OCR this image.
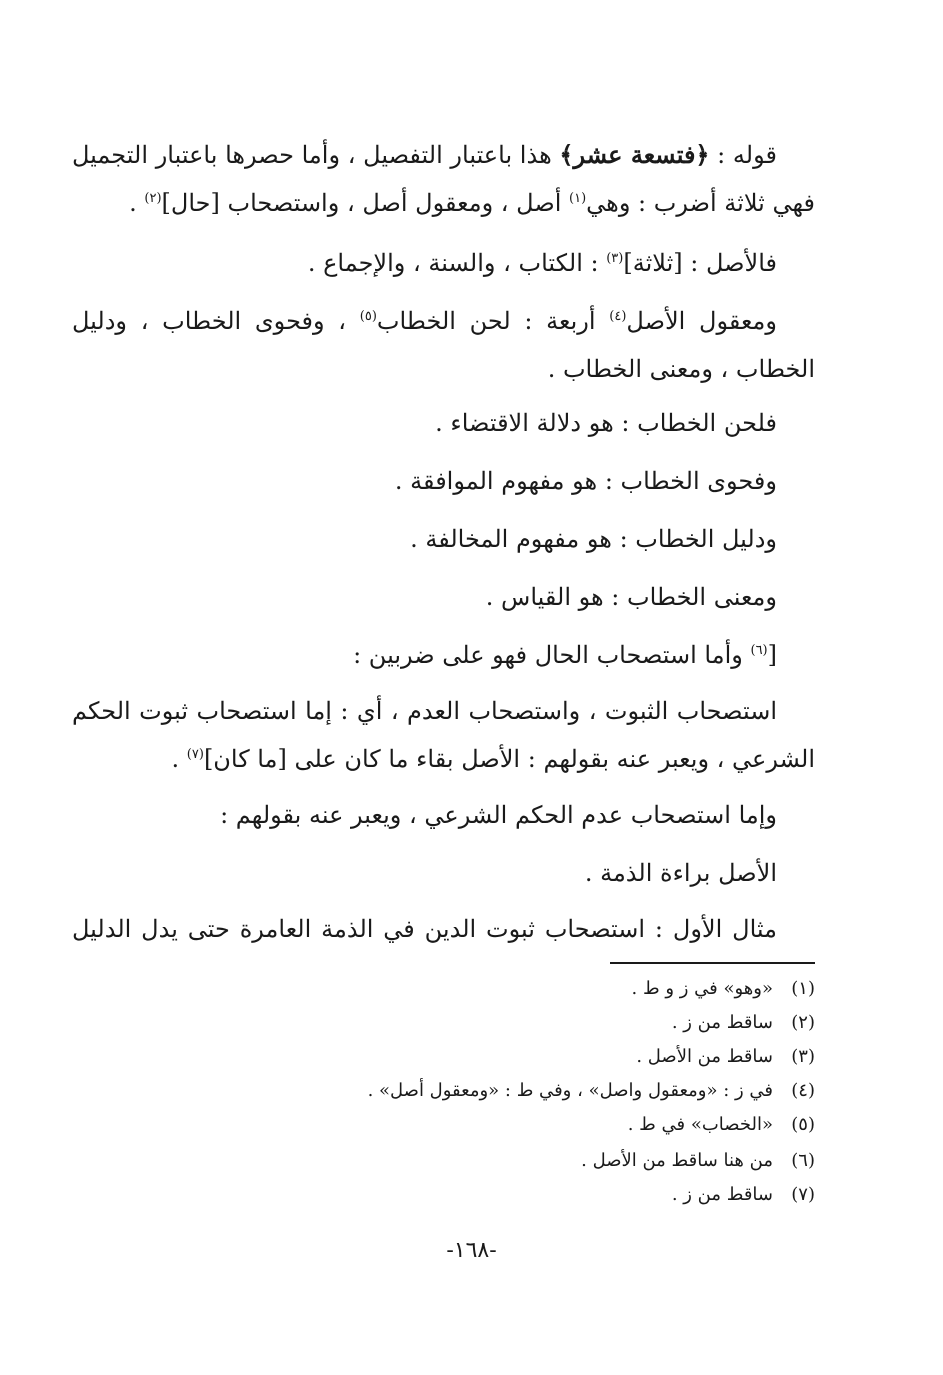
قوله : ﴿فتسعة عشر﴾ هذا باعتبار التفصيل ، وأما حصرها باعتبار التجميل
فهي ثلاثة أضرب : وهي$^{(١)}$ أصل ، ومعقول أصل ، واستصحاب [حال]$^{(٢)}$ .
فالأصل : [ثلاثة]$^{(٣)}$ : الكتاب ، والسنة ، والإجماع .
ومعقول الأصل$^{(٤)}$ أربعة : لحن الخطاب$^{(٥)}$ ، وفحوى الخطاب ، ودليل
الخطاب ، ومعنى الخطاب .
فلحن الخطاب : هو دلالة الاقتضاء .
وفحوى الخطاب : هو مفهوم الموافقة .
ودليل الخطاب : هو مفهوم المخالفة .
ومعنى الخطاب : هو القياس .
[$^{(٦)}$ وأما استصحاب الحال فهو على ضربين :
استصحاب الثبوت ، واستصحاب العدم ، أي : إما استصحاب ثبوت الحكم
الشرعي ، ويعبر عنه بقولهم : الأصل بقاء ما كان على [ما كان]$^{(٧)}$ .
وإما استصحاب عدم الحكم الشرعي ، ويعبر عنه بقولهم :
الأصل براءة الذمة .
مثال الأول : استصحاب ثبوت الدين في الذمة العامرة حتى يدل الدليل
(١)«وهو» في ز و ط .
(٢)ساقط من ز .
(٣)ساقط من الأصل .
(٤)في ز : «ومعقول واصل» ، وفي ط : «ومعقول أصل» .
(٥)«الخصاب» في ط .
(٦)من هنا ساقط من الأصل .
(٧)ساقط من ز .
-١٦٨-
